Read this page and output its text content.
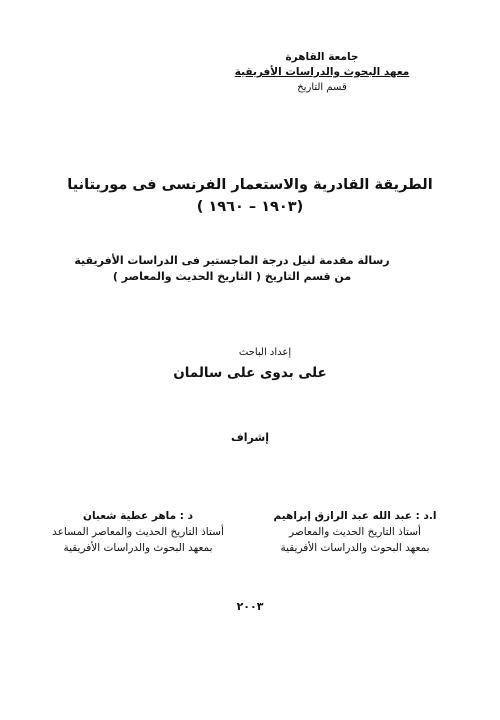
جامعة القاهرة
معهد البحوث والدراسات الأفريقية
قسم التاريخ
الطريقة القادرية والاستعمار الفرنسى فى موريتانيا
(١٩٠٣ – ١٩٦٠ )
رسالة مقدمة لنيل درجة الماجستير فى الدراسات الأفريقية
من قسم التاريخ ( التاريخ الحديث والمعاصر )
إعداد الباحث
على بدوى على سالمان
إشراف
ا.د : عبد الله عبد الرازق إبراهيم
أستاذ التاريخ الحديث والمعاصر
بمعهد البحوث والدراسات الأفريقية
د : ماهر عطية شعبان
أستاذ التاريخ الحديث والمعاصر المساعد
بمعهد البحوث والدراسات الأفريقية
٢٠٠٣
